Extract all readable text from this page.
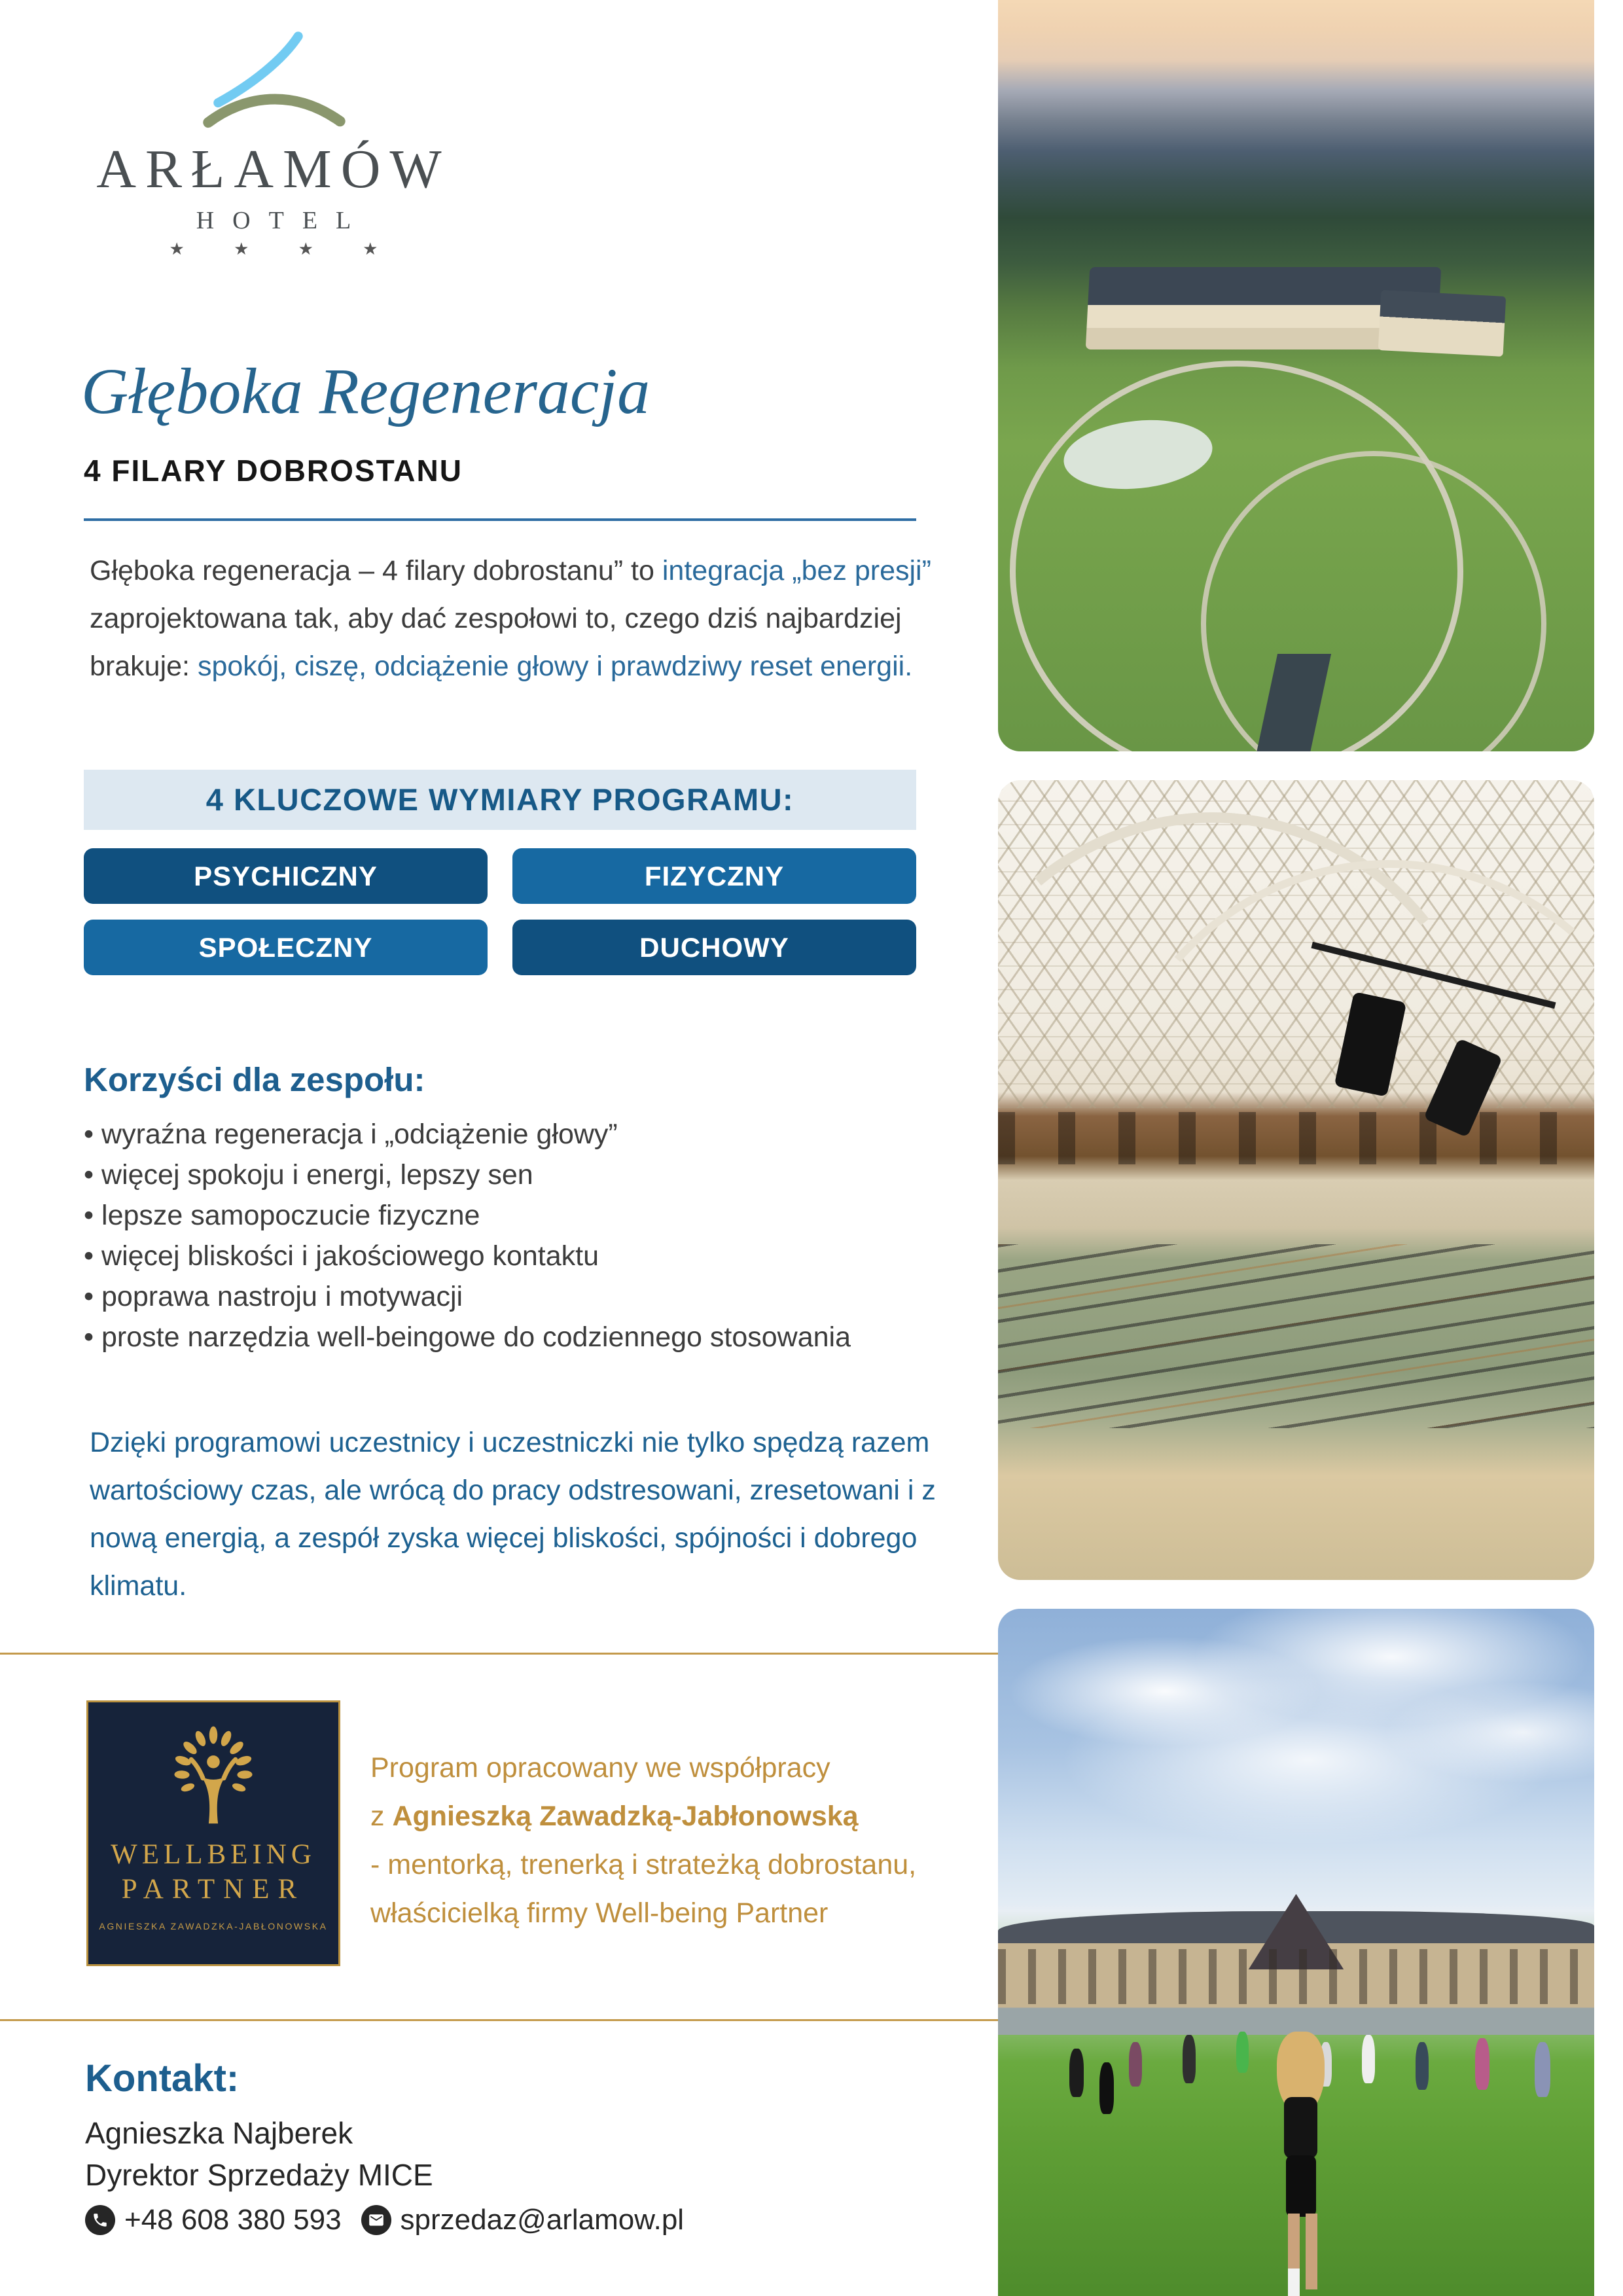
ARŁAMÓW
HOTEL
★ ★ ★ ★
Głęboka Regeneracja
4 FILARY DOBROSTANU

Głęboka regeneracja – 4 filary dobrostanu” to integracja „bez presji” zaprojektowana tak, aby dać zespołowi to, czego dziś najbardziej brakuje: spokój, ciszę, odciążenie głowy i prawdziwy reset energii.

4 KLUCZOWE WYMIARY PROGRAMU:
PSYCHICZNY	FIZYCZNY
SPOŁECZNY	DUCHOWY
Korzyści dla zespołu:
• wyraźna regeneracja i „odciążenie głowy”
• więcej spokoju i energi, lepszy sen
• lepsze samopoczucie fizyczne
• więcej bliskości i jakościowego kontaktu
• poprawa nastroju i motywacji
• proste narzędzia well-beingowe do codziennego stosowania

Dzięki programowi uczestnicy i uczestniczki nie tylko spędzą razem wartościowy czas, ale wrócą do pracy odstresowani, zresetowani i z nową energią, a zespół zyska więcej bliskości, spójności i dobrego klimatu.

WELLBEING
PARTNER
AGNIESZKA ZAWADZKA-JABŁONOWSKA

Program opracowany we współpracy

z Agnieszką Zawadzką-Jabłonowską

- mentorką, trenerką i strateżką dobrostanu,

właścicielką firmy Well-being Partner

Kontakt:
Agnieszka Najberek
Dyrektor Sprzedaży MICE
+48 608 380 593 sprzedaz@arlamow.pl
